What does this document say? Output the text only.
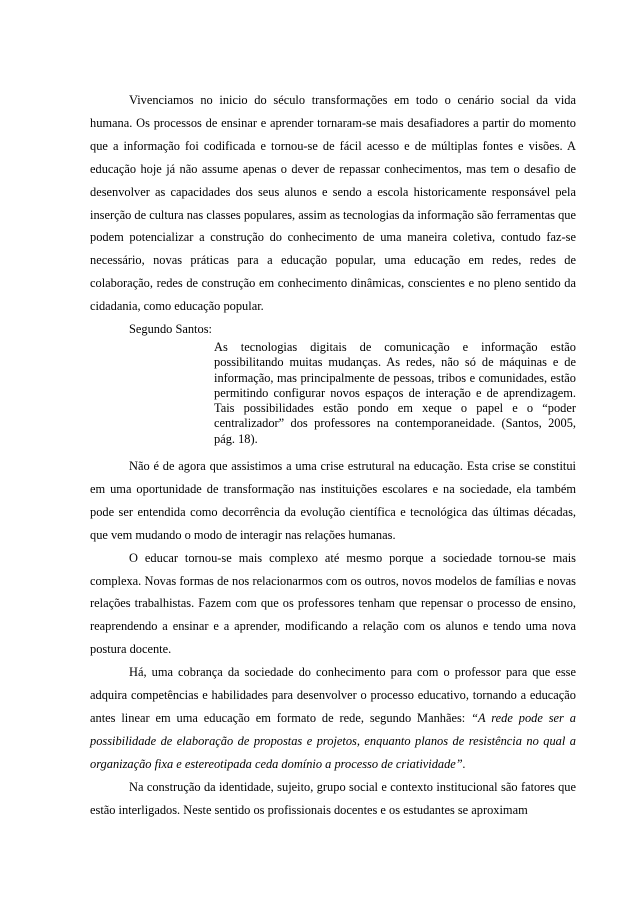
Vivenciamos no inicio do século transformações em todo o cenário social da vida humana. Os processos de ensinar e aprender tornaram-se mais desafiadores a partir do momento que a informação foi codificada e tornou-se de fácil acesso e de múltiplas fontes e visões. A educação hoje já não assume apenas o dever de repassar conhecimentos, mas tem o desafio de desenvolver as capacidades dos seus alunos e sendo a escola historicamente responsável pela inserção de cultura nas classes populares, assim as tecnologias da informação são ferramentas que podem potencializar a construção do conhecimento de uma maneira coletiva, contudo faz-se necessário, novas práticas para a educação popular, uma educação em redes, redes de colaboração, redes de construção em conhecimento dinâmicas, conscientes e no pleno sentido da cidadania, como educação popular.

Segundo Santos:

As tecnologias digitais de comunicação e informação estão possibilitando muitas mudanças. As redes, não só de máquinas e de informação, mas principalmente de pessoas, tribos e comunidades, estão permitindo configurar novos espaços de interação e de aprendizagem. Tais possibilidades estão pondo em xeque o papel e o “poder centralizador” dos professores na contemporaneidade. (Santos, 2005, pág. 18).

Não é de agora que assistimos a uma crise estrutural na educação. Esta crise se constitui em uma oportunidade de transformação nas instituições escolares e na sociedade, ela também pode ser entendida como decorrência da evolução científica e tecnológica das últimas décadas, que vem mudando o modo de interagir nas relações humanas.

O educar tornou-se mais complexo até mesmo porque a sociedade tornou-se mais complexa. Novas formas de nos relacionarmos com os outros, novos modelos de famílias e novas relações trabalhistas. Fazem com que os professores tenham que repensar o processo de ensino, reaprendendo a ensinar e a aprender, modificando a relação com os alunos e tendo uma nova postura docente.

Há, uma cobrança da sociedade do conhecimento para com o professor para que esse adquira competências e habilidades para desenvolver o processo educativo, tornando a educação antes linear em uma educação em formato de rede, segundo Manhães: “A rede pode ser a possibilidade de elaboração de propostas e projetos, enquanto planos de resistência no qual a organização fixa e estereotipada ceda domínio a processo de criatividade”.

Na construção da identidade, sujeito, grupo social e contexto institucional são fatores que estão interligados. Neste sentido os profissionais docentes e os estudantes se aproximam
